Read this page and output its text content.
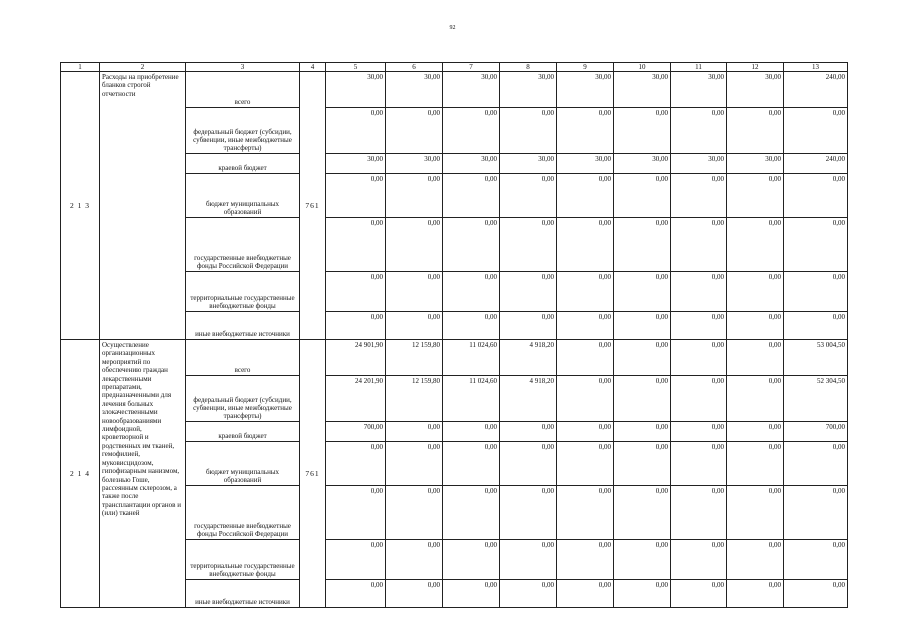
92
1	2	3	4	5	6	7	8	9	10	11	12	13
2 1 3	Расходы на приобретение бланков строгой отчетности	всего	761	30,00	30,00	30,00	30,00	30,00	30,00	30,00	30,00	240,00

		федеральный бюджет (субсидии, субвенции, иные межбюджетные трансферты)		0,00	0,00	0,00	0,00	0,00	0,00	0,00	0,00	0,00

		краевой бюджет		30,00	30,00	30,00	30,00	30,00	30,00	30,00	30,00	240,00

		бюджет муниципальных образований		0,00	0,00	0,00	0,00	0,00	0,00	0,00	0,00	0,00

		государственные внебюджетные фонды Российской Федерации		0,00	0,00	0,00	0,00	0,00	0,00	0,00	0,00	0,00

		территориальные государственные внебюджетные фонды		0,00	0,00	0,00	0,00	0,00	0,00	0,00	0,00	0,00

		иные внебюджетные источники		0,00	0,00	0,00	0,00	0,00	0,00	0,00	0,00	0,00
2 1 4	Осуществление организационных мероприятий по обеспечению граждан лекарственными препаратами, предназначенными для лечения больных злокачественными новообразованиями лимфоидной, кроветворной и родственных им тканей, гемофилией, муковисцидозом, гипофизарным нанизмом, болезнью Гоше, рассеянным склерозом, а также после трансплантации органов и (или) тканей	всего	761	24 901,90	12 159,80	11 024,60	4 918,20	0,00	0,00	0,00	0,00	53 004,50

		федеральный бюджет (субсидии, субвенции, иные межбюджетные трансферты)		24 201,90	12 159,80	11 024,60	4 918,20	0,00	0,00	0,00	0,00	52 304,50

		краевой бюджет		700,00	0,00	0,00	0,00	0,00	0,00	0,00	0,00	700,00

		бюджет муниципальных образований		0,00	0,00	0,00	0,00	0,00	0,00	0,00	0,00	0,00

		государственные внебюджетные фонды Российской Федерации		0,00	0,00	0,00	0,00	0,00	0,00	0,00	0,00	0,00

		территориальные государственные внебюджетные фонды		0,00	0,00	0,00	0,00	0,00	0,00	0,00	0,00	0,00

		иные внебюджетные источники		0,00	0,00	0,00	0,00	0,00	0,00	0,00	0,00	0,00
